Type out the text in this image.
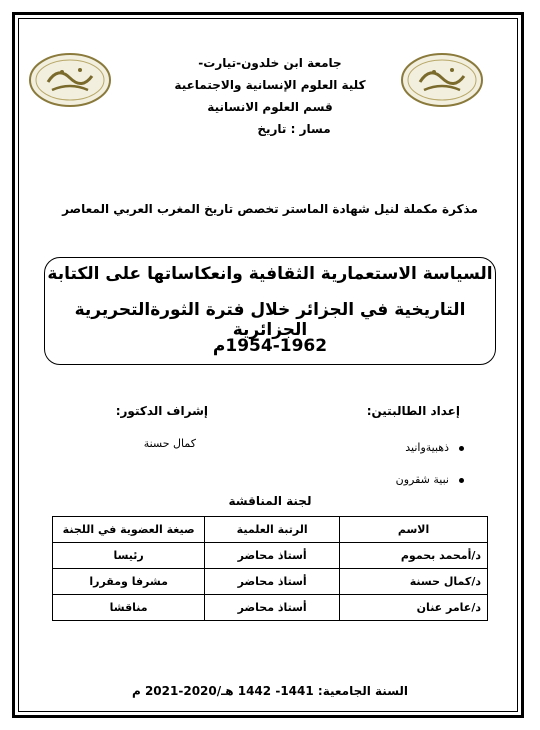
جامعة ابن خلدون-تيارت-
كلية العلوم الإنسانية والاجتماعية
قسم العلوم الانسانية
مسار : تاريخ
مذكرة مكملة لنيل شهادة الماستر تخصص تاريخ المغرب العربي المعاصر
السياسة الاستعمارية الثقافية وانعكاساتها على الكتابة
التاريخية في الجزائر خلال فترة الثورةالتحريرية الجزائرية
1954-1962م
إعداد الطالبتين:
إشراف الدكتور:
ذهبيةوانيد
نبية شقرون
كمال حسنة
لجنة المناقشة
الاسم	الرتبة العلمية	صيغة العضوية في اللجنة
د/أمحمد بحموم	أستاذ محاضر	رئيسا
د/كمال حسنة	أستاذ محاضر	مشرفا ومقررا
د/عامر عنان	أستاذ محاضر	مناقشا
السنة الجامعية: 1441- 1442 هـ/2020-2021 م
